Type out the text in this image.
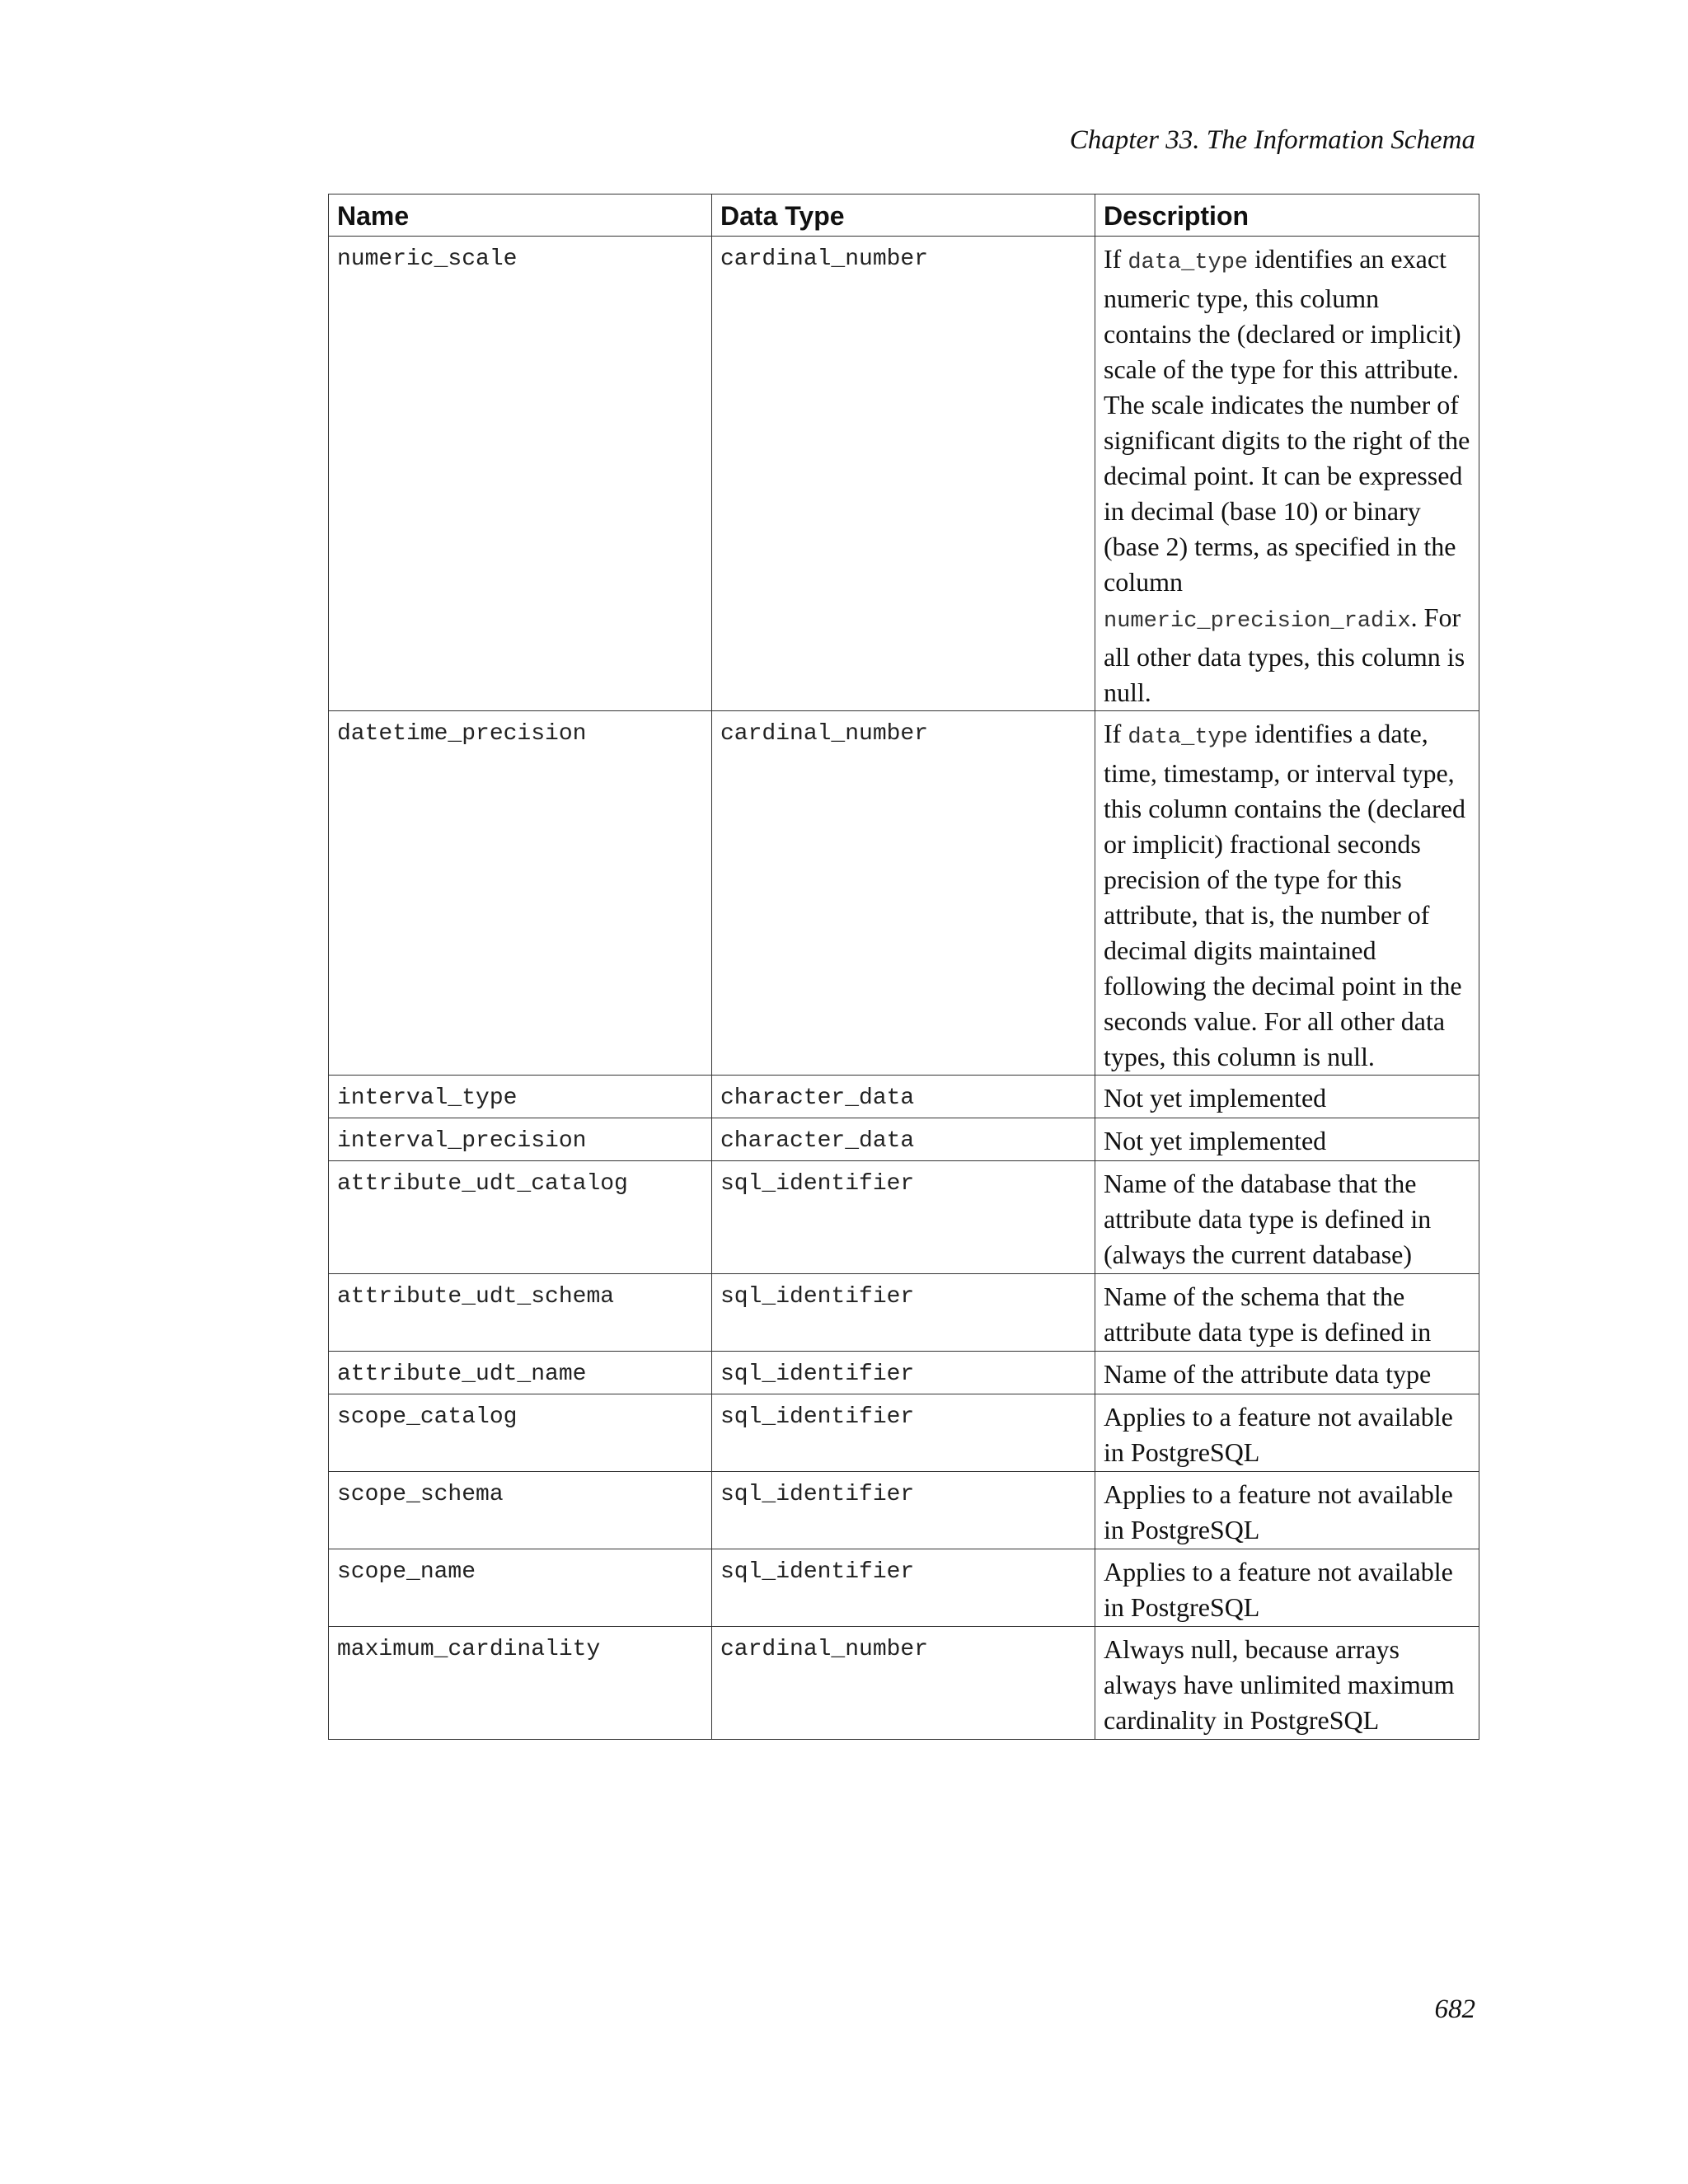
Chapter 33. The Information Schema
Name	Data Type	Description
numeric_scale	cardinal_number	If data_type identifies an exact numeric type, this column contains the (declared or implicit) scale of the type for this attribute. The scale indicates the number of significant digits to the right of the decimal point. It can be expressed in decimal (base 10) or binary (base 2) terms, as specified in the column numeric_precision_radix. For all other data types, this column is null.
datetime_precision	cardinal_number	If data_type identifies a date, time, timestamp, or interval type, this column contains the (declared or implicit) fractional seconds precision of the type for this attribute, that is, the number of decimal digits maintained following the decimal point in the seconds value. For all other data types, this column is null.
interval_type	character_data	Not yet implemented
interval_precision	character_data	Not yet implemented
attribute_udt_catalog	sql_identifier	Name of the database that the attribute data type is defined in (always the current database)
attribute_udt_schema	sql_identifier	Name of the schema that the attribute data type is defined in
attribute_udt_name	sql_identifier	Name of the attribute data type
scope_catalog	sql_identifier	Applies to a feature not available in PostgreSQL
scope_schema	sql_identifier	Applies to a feature not available in PostgreSQL
scope_name	sql_identifier	Applies to a feature not available in PostgreSQL
maximum_cardinality	cardinal_number	Always null, because arrays always have unlimited maximum cardinality in PostgreSQL
682
